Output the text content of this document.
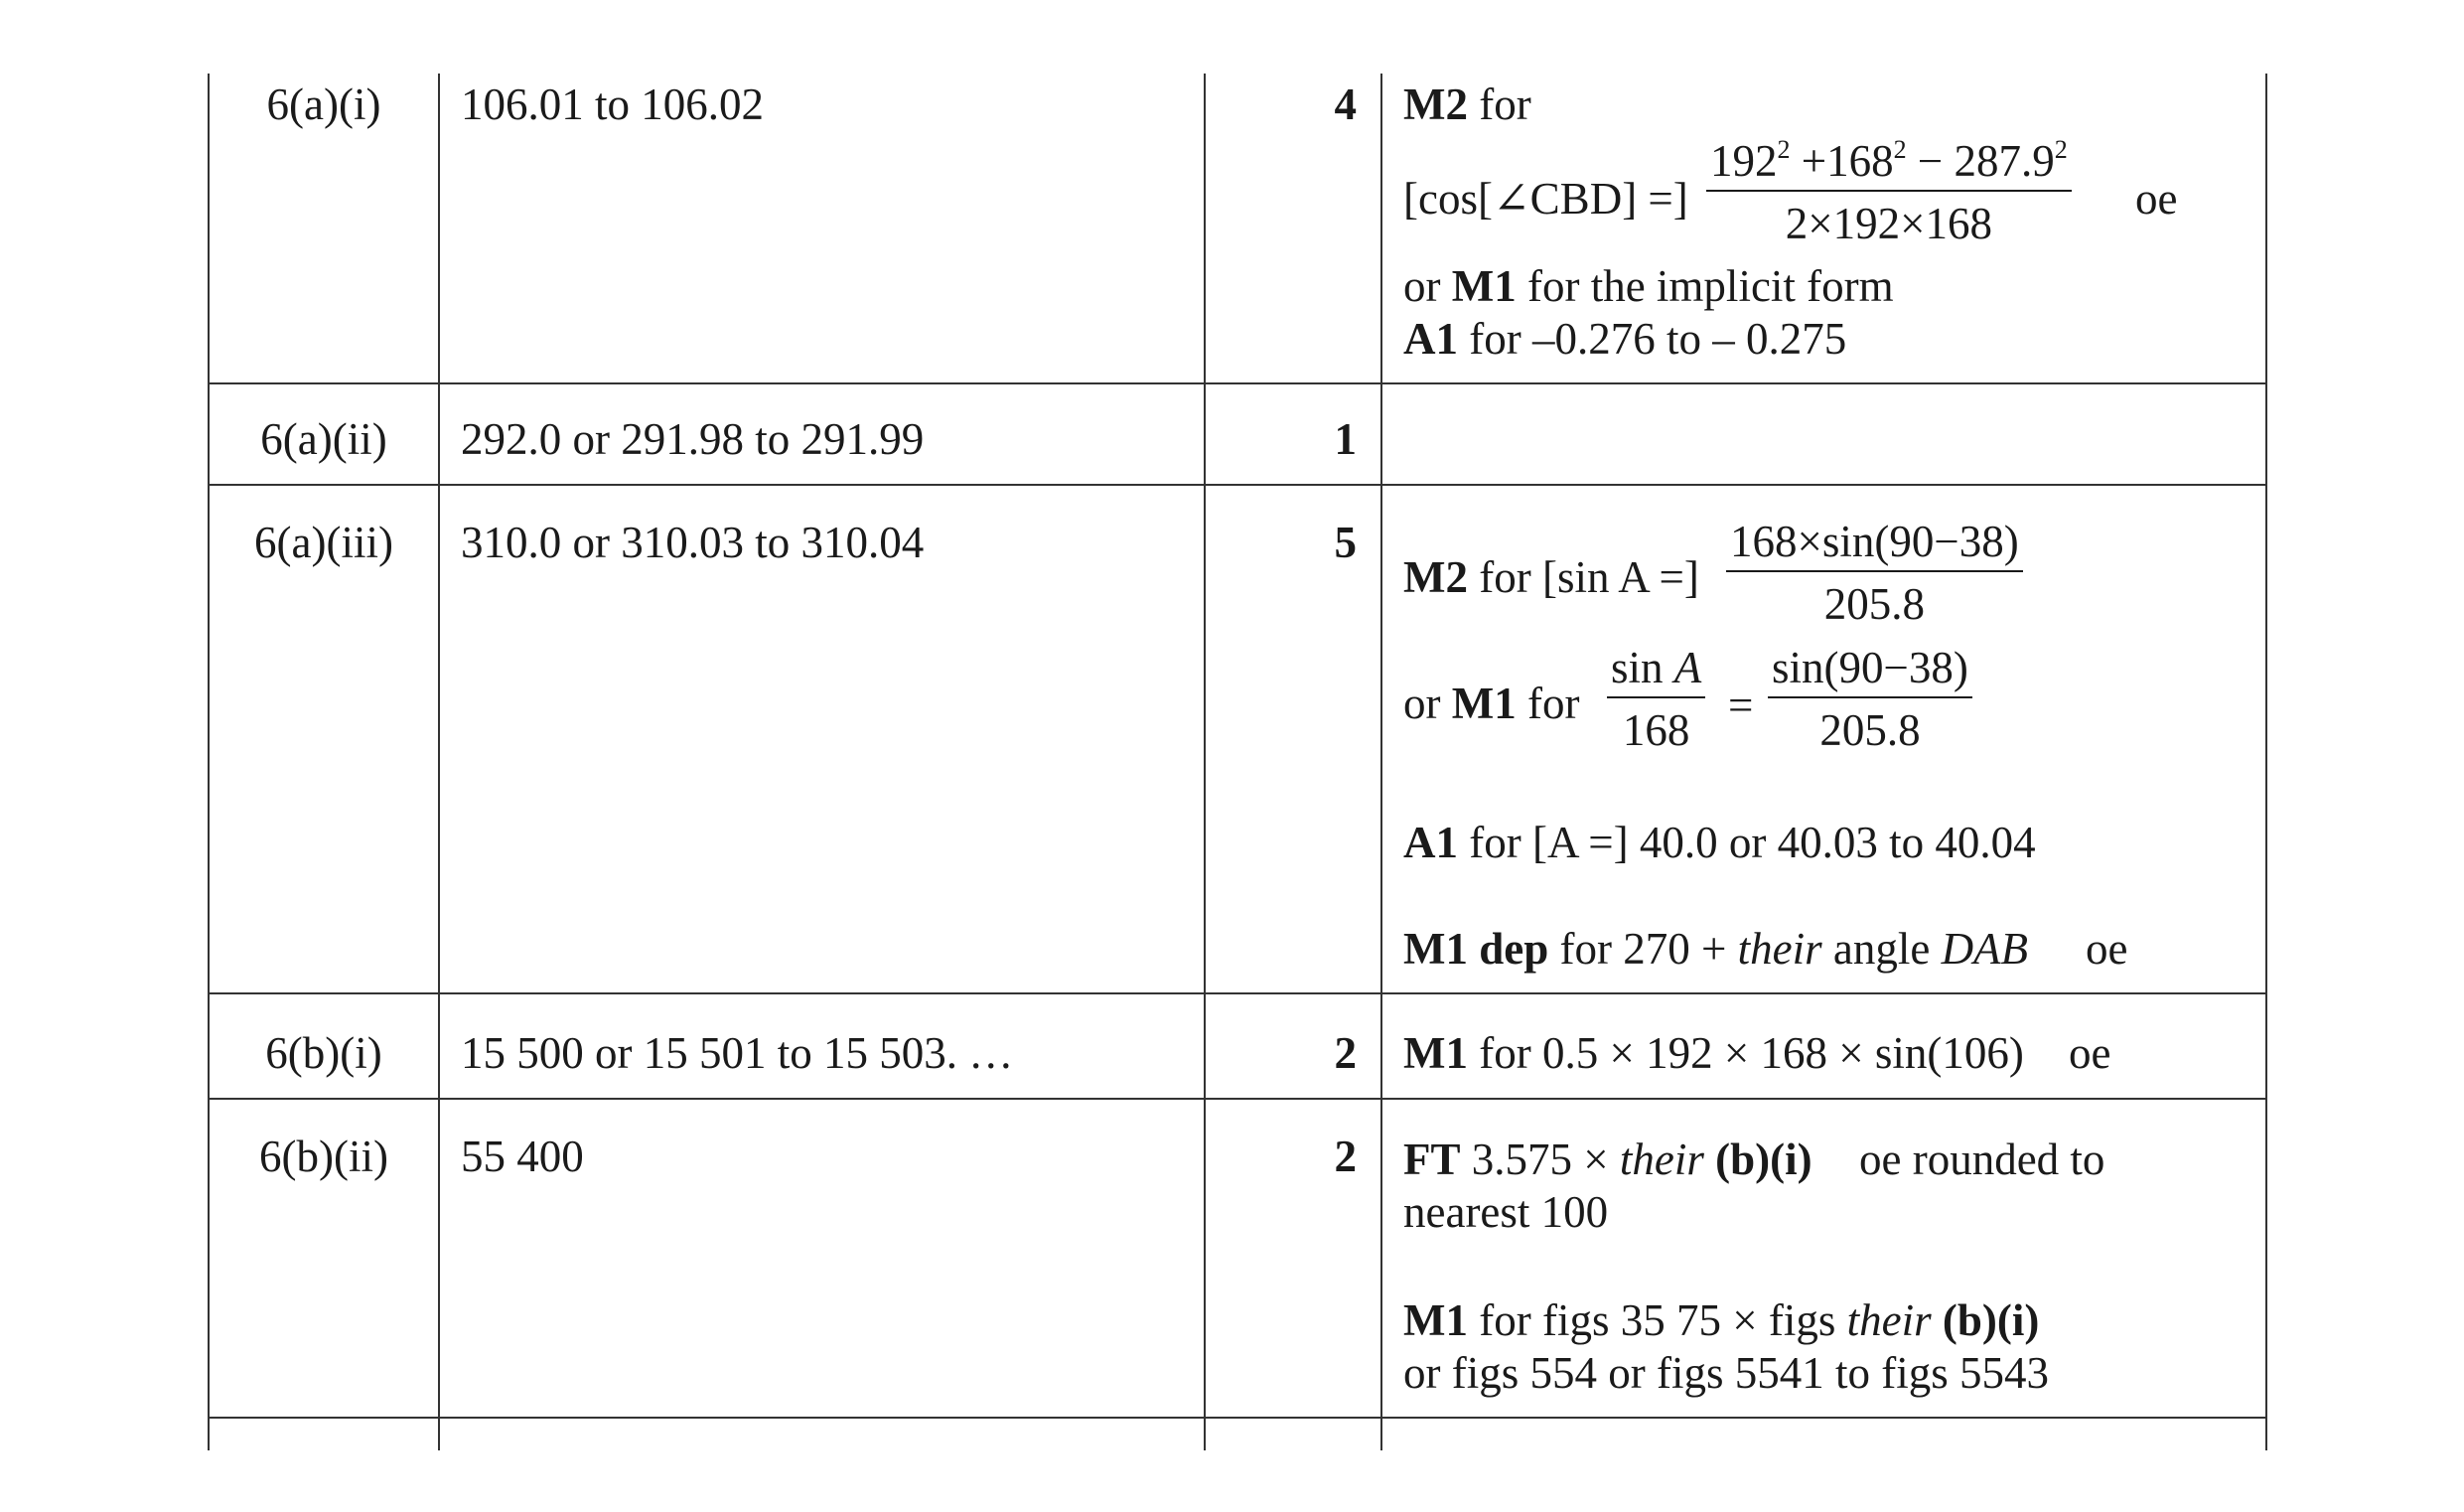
6(a)(i)	106.01 to 106.02	4 M2 for
[cos[∠CBD] =] $\frac{192^2 +168^2 - 287.9^2}{2\times 192\times 168}$ oe
or M1 for the implicit form
A1 for –0.276 to – 0.275
6(a)(ii)	292.0 or 291.98 to 291.99	1
6(a)(iii)	310.0 or 310.03 to 310.04	5
M2 for [sin A =] $\frac{168\times\sin(90-38)}{205.8}$
or M1 for $\frac{\text{sin A}}{168} = \frac{\sin(90-38)}{205.8}$
A1 for [A =] 40.0 or 40.03 to 40.04
M1 dep for 270 + their angle DAB oe
6(b)(i)	15 500 or 15 501 to 15 503. …	2 M1 for 0.5 × 192 × 168 × sin(106) oe
6(b)(ii)	55 400	2 FT 3.575 × their (b)(i) oe rounded to
nearest 100
M1 for figs 35 75 × figs their (b)(i)
or figs 554 or figs 5541 to figs 5543
